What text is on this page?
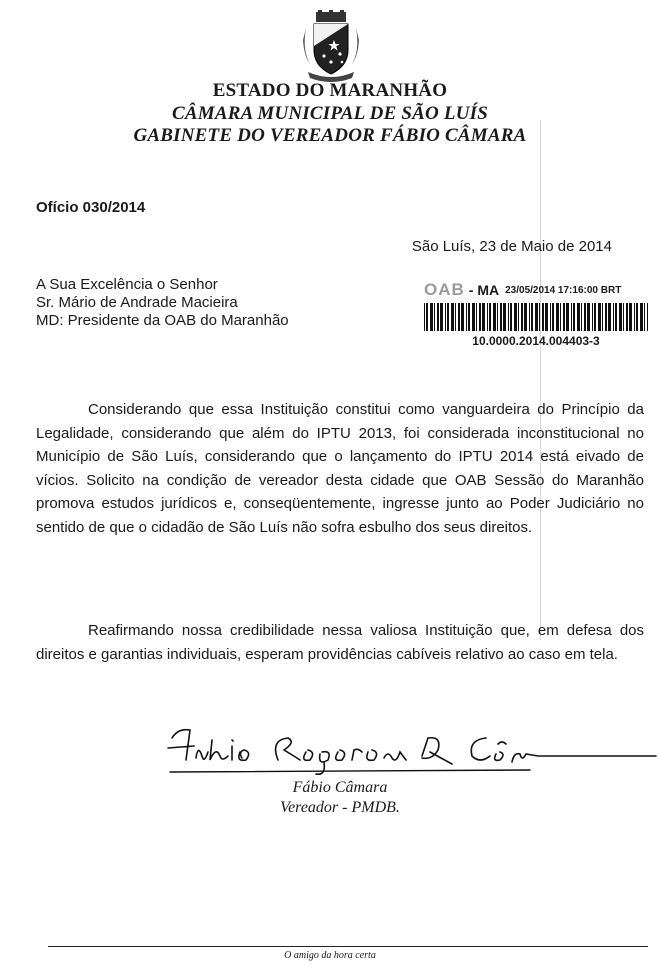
ESTADO DO MARANHÃO
CÂMARA MUNICIPAL DE SÃO LUÍS
GABINETE DO VEREADOR FÁBIO CÂMARA
Ofício 030/2014
São Luís, 23 de Maio de 2014
A Sua Excelência o Senhor
Sr. Mário de Andrade Macieira
MD: Presidente da OAB do Maranhão
OAB - MA 23/05/2014 17:16:00 BRT
10.0000.2014.004403-3
Considerando que essa Instituição constitui como vanguardeira do Princípio da Legalidade, considerando que além do IPTU 2013, foi considerada inconstitucional no Município de São Luís, considerando que o lançamento do IPTU 2014 está eivado de vícios. Solicito na condição de vereador desta cidade que OAB Sessão do Maranhão promova estudos jurídicos e, conseqüentemente, ingresse junto ao Poder Judiciário no sentido de que o cidadão de São Luís não sofra esbulho dos seus direitos.
Reafirmando nossa credibilidade nessa valiosa Instituição que, em defesa dos direitos e garantias individuais, esperam providências cabíveis relativo ao caso em tela.
Fábio Câmara
Vereador - PMDB.
O amigo da hora certa
